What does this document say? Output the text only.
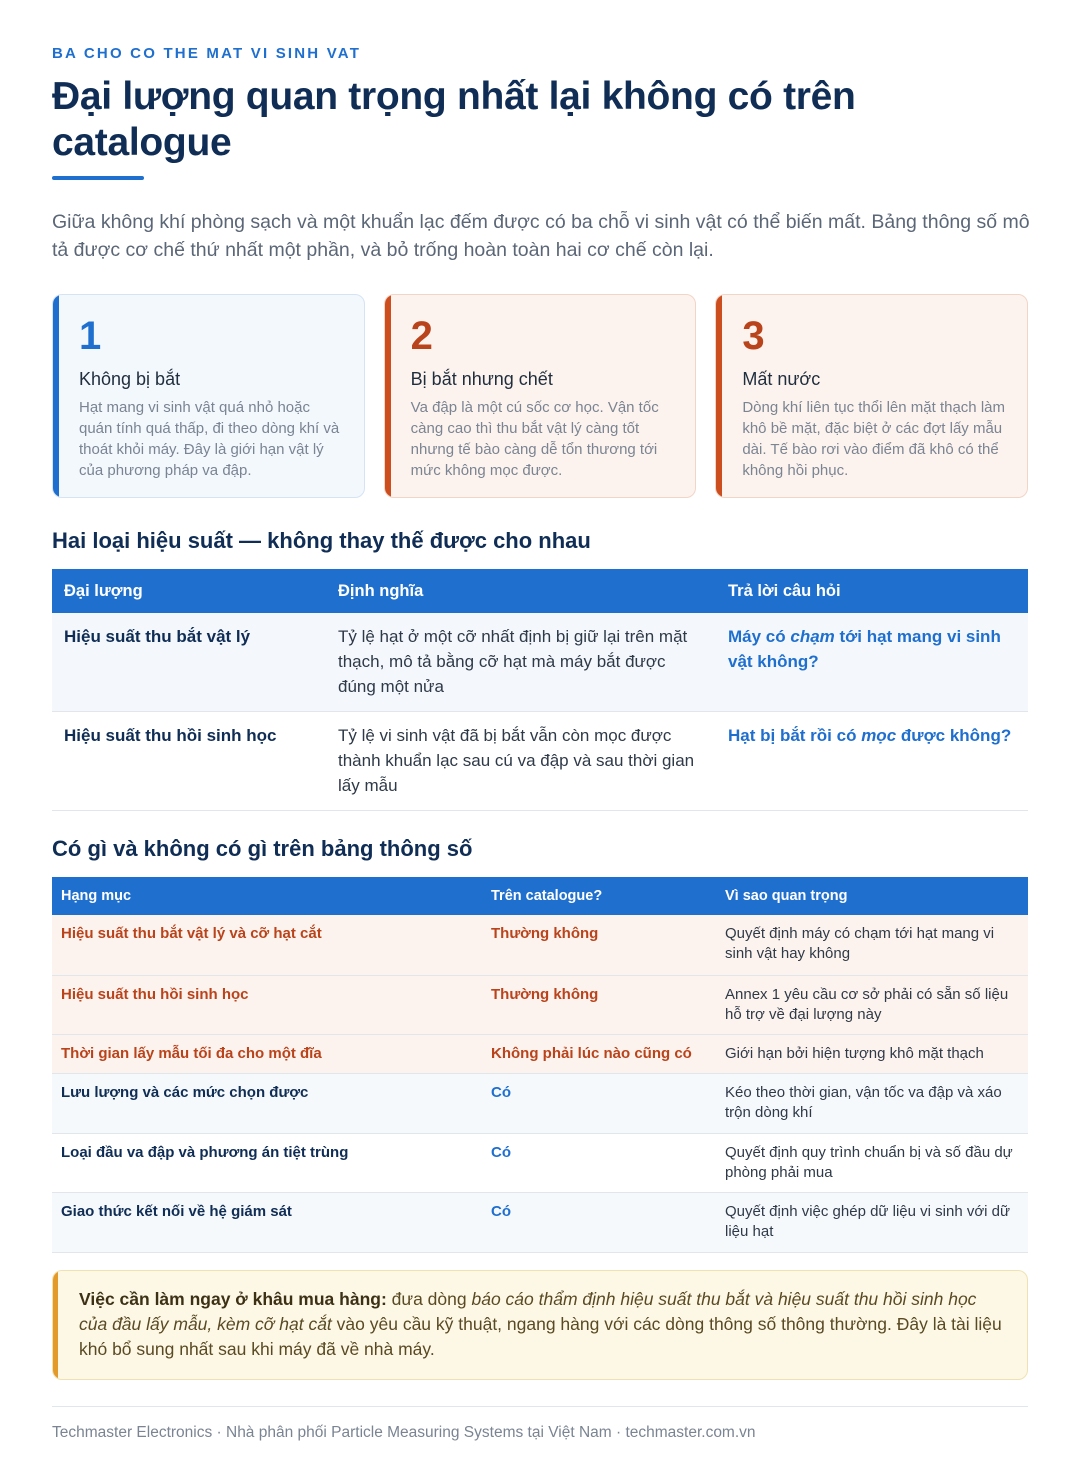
BA CHO CO THE MAT VI SINH VAT
Đại lượng quan trọng nhất lại không có trên catalogue

Giữa không khí phòng sạch và một khuẩn lạc đếm được có ba chỗ vi sinh vật có thể biến mất. Bảng thông số mô tả được cơ chế thứ nhất một phần, và bỏ trống hoàn toàn hai cơ chế còn lại.

1
Không bị bắt
Hạt mang vi sinh vật quá nhỏ hoặc quán tính quá thấp, đi theo dòng khí và thoát khỏi máy. Đây là giới hạn vật lý của phương pháp va đập.
2
Bị bắt nhưng chết
Va đập là một cú sốc cơ học. Vận tốc càng cao thì thu bắt vật lý càng tốt nhưng tế bào càng dễ tổn thương tới mức không mọc được.
3
Mất nước
Dòng khí liên tục thổi lên mặt thạch làm khô bề mặt, đặc biệt ở các đợt lấy mẫu dài. Tế bào rơi vào điểm đã khô có thể không hồi phục.
Hai loại hiệu suất — không thay thế được cho nhau
Đại lượng	Định nghĩa	Trả lời câu hỏi
Hiệu suất thu bắt vật lý	Tỷ lệ hạt ở một cỡ nhất định bị giữ lại trên mặt thạch, mô tả bằng cỡ hạt mà máy bắt được đúng một nửa	Máy có chạm tới hạt mang vi sinh vật không?
Hiệu suất thu hồi sinh học	Tỷ lệ vi sinh vật đã bị bắt vẫn còn mọc được thành khuẩn lạc sau cú va đập và sau thời gian lấy mẫu	Hạt bị bắt rồi có mọc được không?
Có gì và không có gì trên bảng thông số
Hạng mục	Trên catalogue?	Vì sao quan trọng
Hiệu suất thu bắt vật lý và cỡ hạt cắt	Thường không	Quyết định máy có chạm tới hạt mang vi sinh vật hay không
Hiệu suất thu hồi sinh học	Thường không	Annex 1 yêu cầu cơ sở phải có sẵn số liệu hỗ trợ về đại lượng này
Thời gian lấy mẫu tối đa cho một đĩa	Không phải lúc nào cũng có	Giới hạn bởi hiện tượng khô mặt thạch
Lưu lượng và các mức chọn được	Có	Kéo theo thời gian, vận tốc va đập và xáo trộn dòng khí
Loại đầu va đập và phương án tiệt trùng	Có	Quyết định quy trình chuẩn bị và số đầu dự phòng phải mua
Giao thức kết nối về hệ giám sát	Có	Quyết định việc ghép dữ liệu vi sinh với dữ liệu hạt
Việc cần làm ngay ở khâu mua hàng: đưa dòng báo cáo thẩm định hiệu suất thu bắt và hiệu suất thu hồi sinh học của đầu lấy mẫu, kèm cỡ hạt cắt vào yêu cầu kỹ thuật, ngang hàng với các dòng thông số thông thường. Đây là tài liệu khó bổ sung nhất sau khi máy đã về nhà máy.
Techmaster Electronics · Nhà phân phối Particle Measuring Systems tại Việt Nam · techmaster.com.vn
